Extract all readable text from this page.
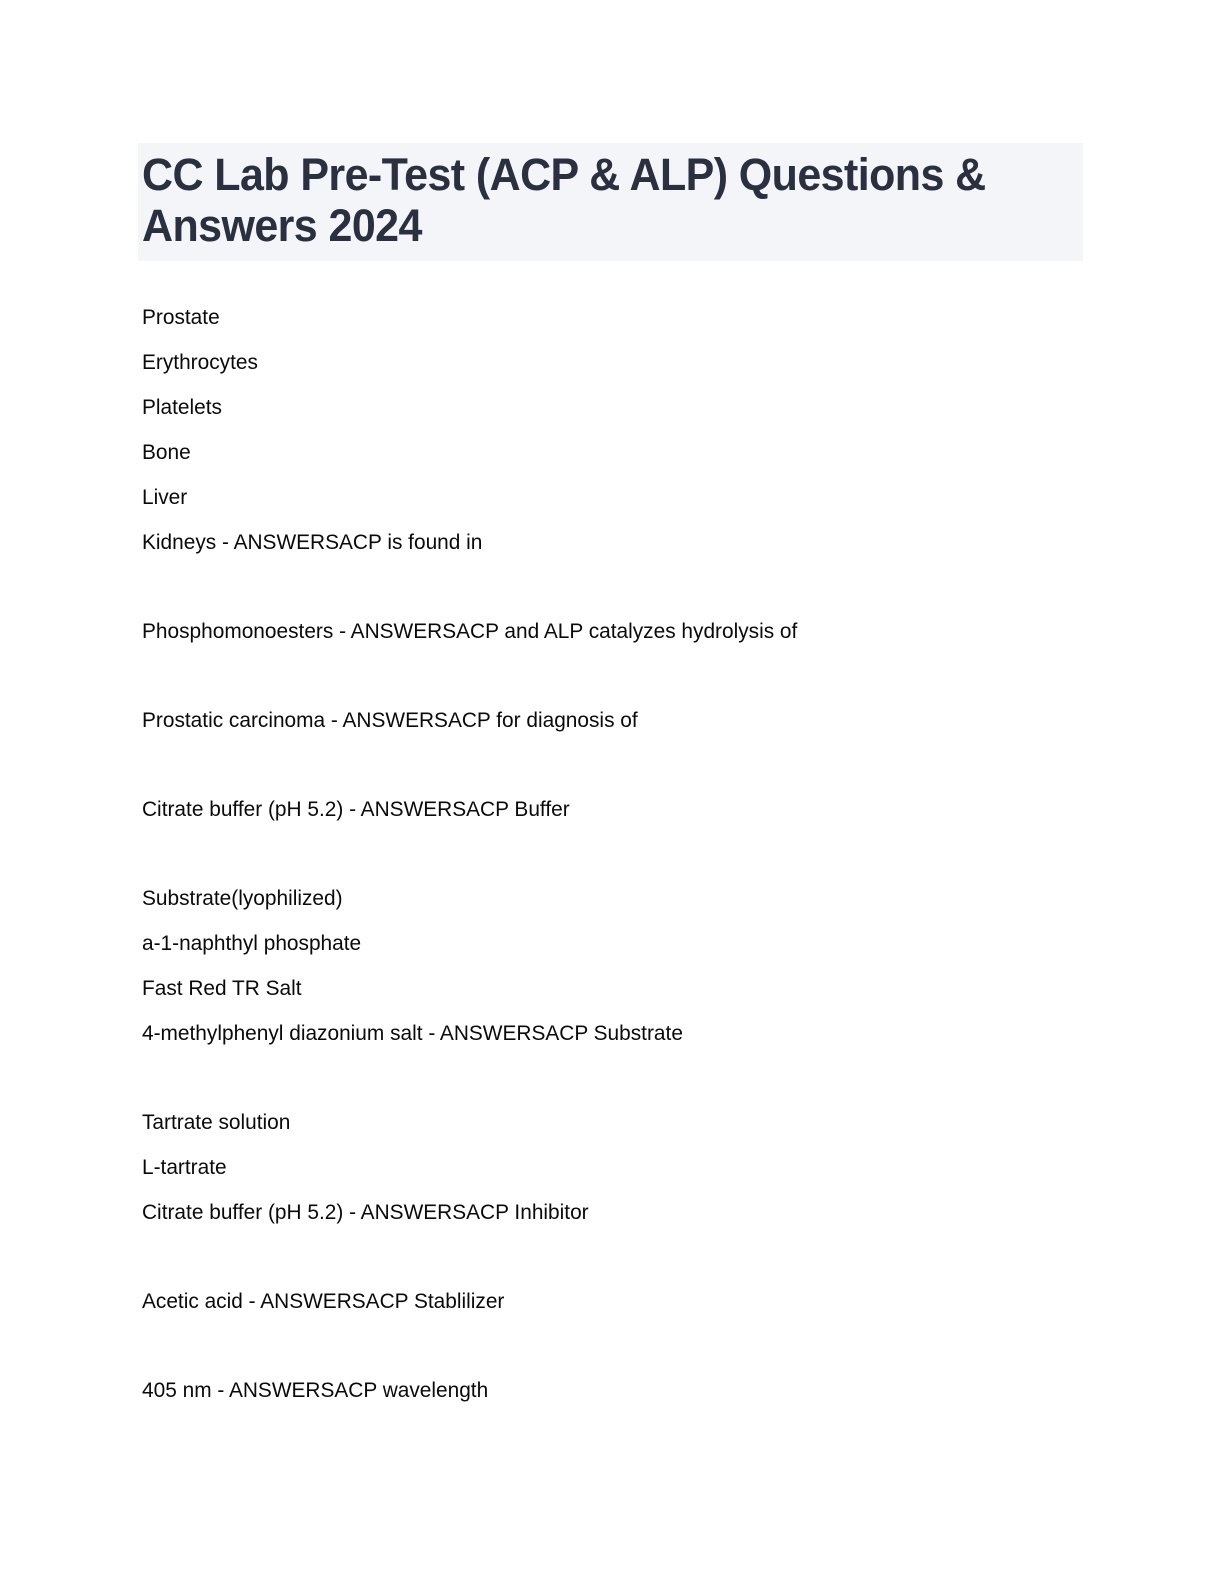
CC Lab Pre-Test (ACP & ALP) Questions & Answers 2024
Prostate
Erythrocytes
Platelets
Bone
Liver
Kidneys - ANSWERSACP is found in
Phosphomonoesters - ANSWERSACP and ALP catalyzes hydrolysis of
Prostatic carcinoma - ANSWERSACP for diagnosis of
Citrate buffer (pH 5.2) - ANSWERSACP Buffer
Substrate(lyophilized)
a-1-naphthyl phosphate
Fast Red TR Salt
4-methylphenyl diazonium salt - ANSWERSACP Substrate
Tartrate solution
L-tartrate
Citrate buffer (pH 5.2) - ANSWERSACP Inhibitor
Acetic acid - ANSWERSACP Stablilizer
405 nm - ANSWERSACP wavelength
